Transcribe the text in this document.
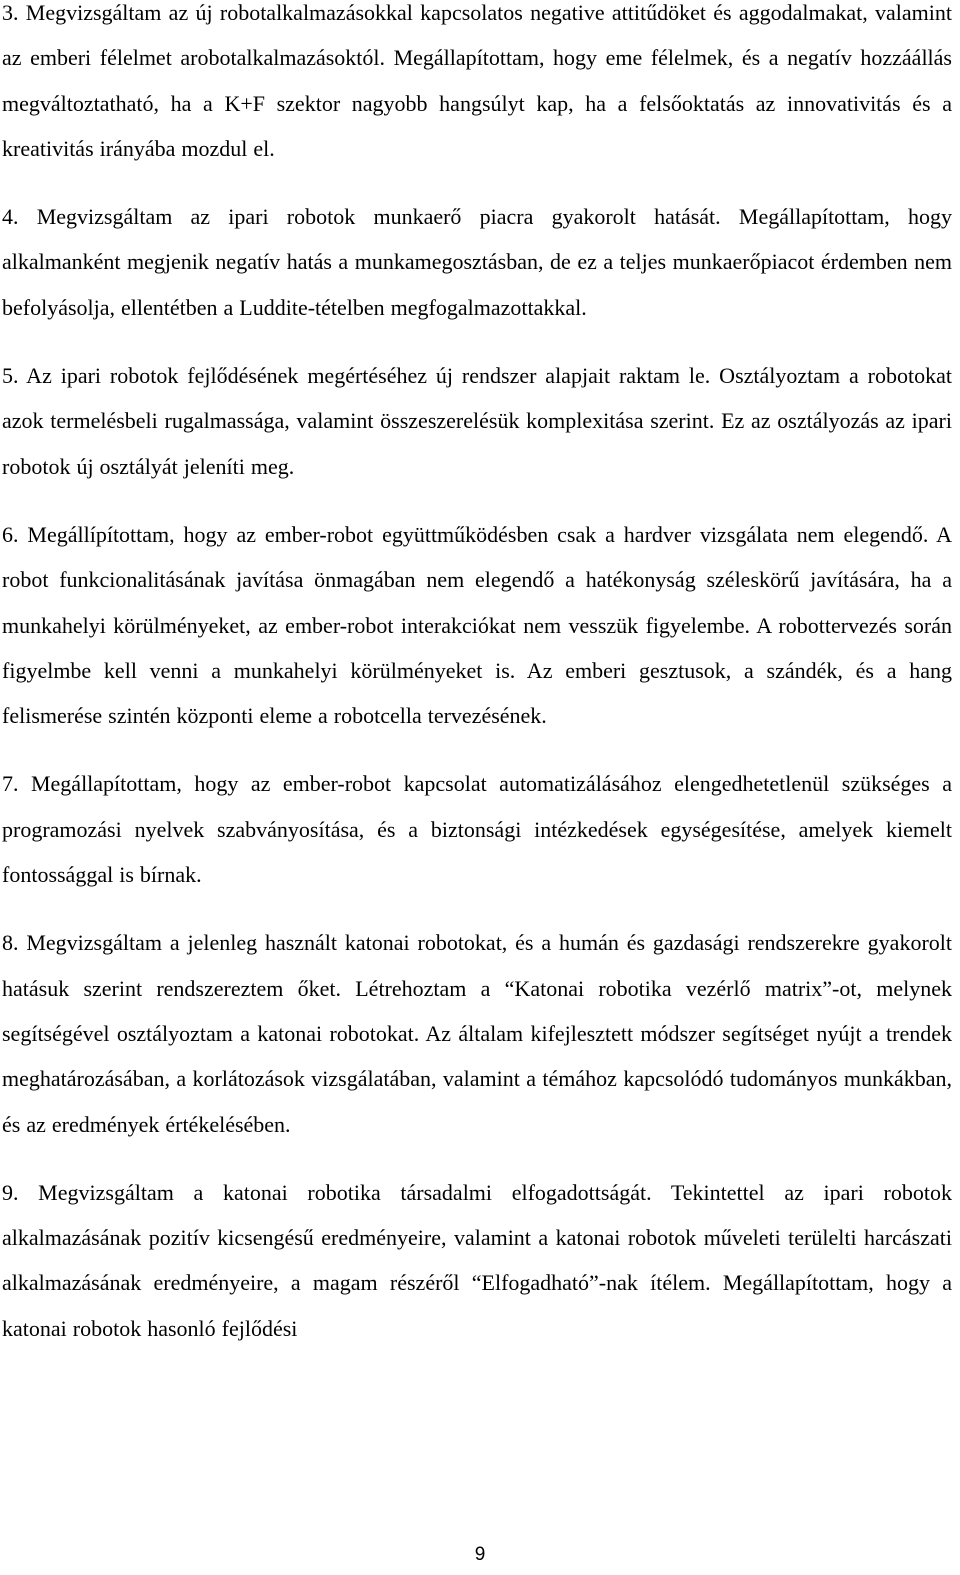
3. Megvizsgáltam az új robotalkalmazásokkal kapcsolatos negative attitűdöket és aggodalmakat, valamint az emberi félelmet arobotalkalmazásoktól. Megállapítottam, hogy eme félelmek, és a negatív hozzáállás megváltoztatható, ha a K+F szektor nagyobb hangsúlyt kap, ha a felsőoktatás az innovativitás és a kreativitás irányába mozdul el.

4. Megvizsgáltam az ipari robotok munkaerő piacra gyakorolt hatását. Megállapítottam, hogy alkalmanként megjenik negatív hatás a munkamegosztásban, de ez a teljes munkaerőpiacot érdemben nem befolyásolja, ellentétben a Luddite-tételben megfogalmazottakkal.

5. Az ipari robotok fejlődésének megértéséhez új rendszer alapjait raktam le. Osztályoztam a robotokat azok termelésbeli rugalmassága, valamint összeszerelésük komplexitása szerint. Ez az osztályozás az ipari robotok új osztályát jeleníti meg.

6. Megállípítottam, hogy az ember-robot együttműködésben csak a hardver vizsgálata nem elegendő. A robot funkcionalitásának javítása önmagában nem elegendő a hatékonyság széleskörű javítására, ha a munkahelyi körülményeket, az ember-robot interakciókat nem vesszük figyelembe. A robottervezés során figyelmbe kell venni a munkahelyi körülményeket is. Az emberi gesztusok, a szándék, és a hang felismerése szintén központi eleme a robotcella tervezésének.

7. Megállapítottam, hogy az ember-robot kapcsolat automatizálásához elengedhetetlenül szükséges a programozási nyelvek szabványosítása, és a biztonsági intézkedések egységesítése, amelyek kiemelt fontossággal is bírnak.

8. Megvizsgáltam a jelenleg használt katonai robotokat, és a humán és gazdasági rendszerekre gyakorolt hatásuk szerint rendszereztem őket. Létrehoztam a “Katonai robotika vezérlő matrix”-ot, melynek segítségével osztályoztam a katonai robotokat. Az általam kifejlesztett módszer segítséget nyújt a trendek meghatározásában, a korlátozások vizsgálatában, valamint a témához kapcsolódó tudományos munkákban, és az eredmények értékelésében.

9. Megvizsgáltam a katonai robotika társadalmi elfogadottságát. Tekintettel az ipari robotok alkalmazásának pozitív kicsengésű eredményeire, valamint a katonai robotok műveleti terülelti harcászati alkalmazásának eredményeire, a magam részéről “Elfogadható”-nak ítélem. Megállapítottam, hogy a katonai robotok hasonló fejlődési

9
